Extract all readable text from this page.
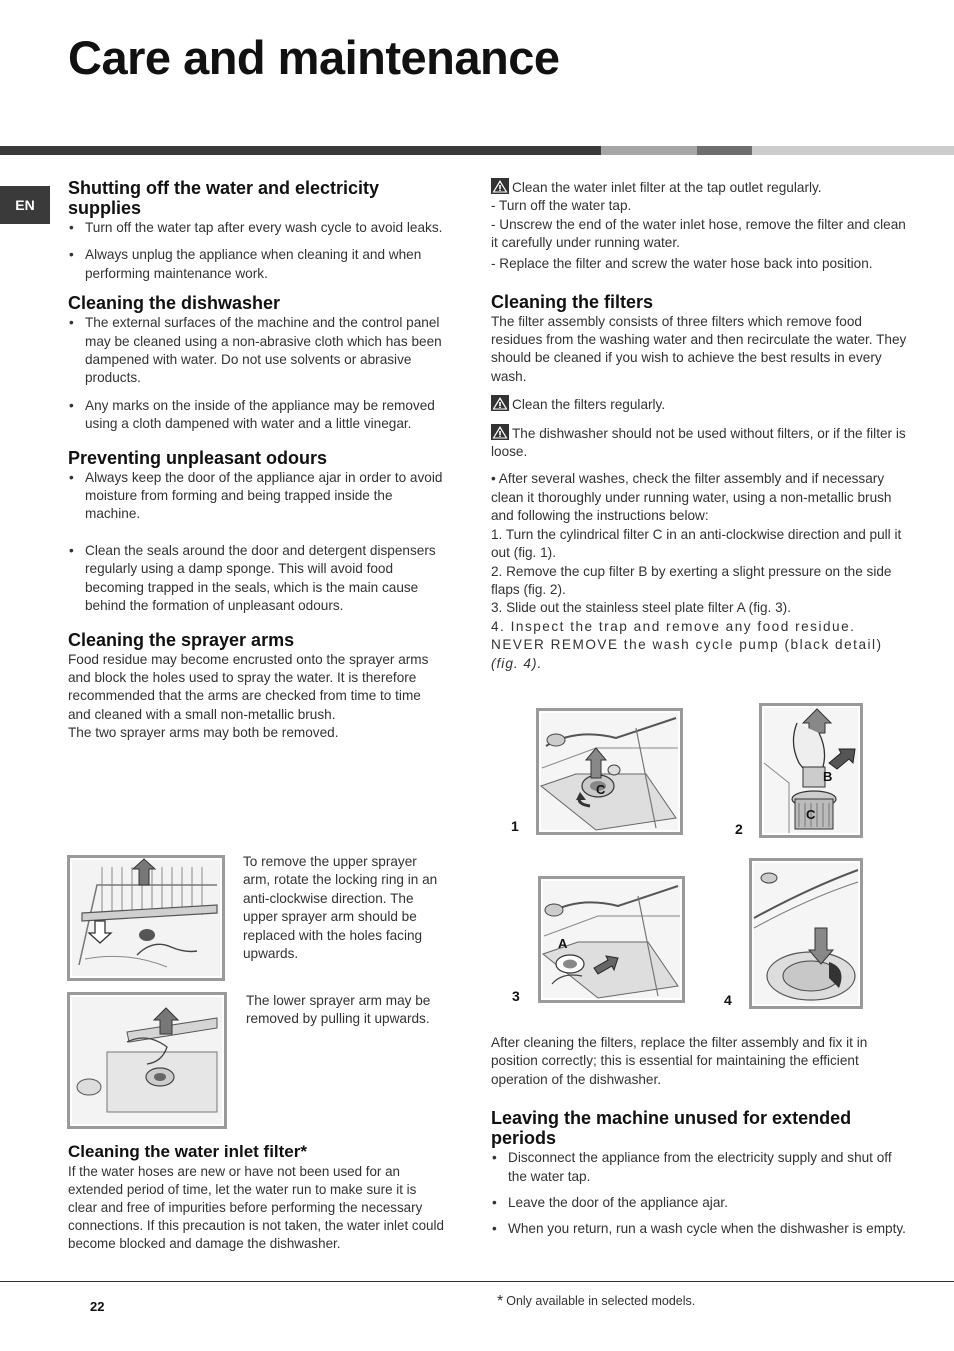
Care and maintenance
EN
Shutting off the water and electricity supplies
• Turn off the water tap after every wash cycle to avoid leaks.
• Always unplug the appliance when cleaning it and when performing maintenance work.
Cleaning the dishwasher
• The external surfaces of the machine and the control panel may be cleaned using a non-abrasive cloth which has been dampened with water. Do not use solvents or abrasive products.
• Any marks on the inside of the appliance may be removed using a cloth dampened with water and a little vinegar.
Preventing unpleasant odours
• Always keep the door of the appliance ajar in order to avoid moisture from forming and being trapped inside the machine.
• Clean the seals around the door and detergent dispensers regularly using a damp sponge. This will avoid food becoming trapped in the seals, which is the main cause behind the formation of unpleasant odours.
Cleaning the sprayer arms

Food residue may become encrusted onto the sprayer arms and block the holes used to spray the water. It is therefore recommended that the arms are checked from time to time and cleaned with a small non-metallic brush.

The two sprayer arms may both be removed.

To remove the upper sprayer arm, rotate the locking ring in an anti-clockwise direction. The upper sprayer arm should be replaced with the holes facing upwards.
The lower sprayer arm may be removed by pulling it upwards.
Cleaning the water inlet filter*

If the water hoses are new or have not been used for an extended period of time, let the water run to make sure it is clear and free of impurities before performing the necessary connections. If this precaution is not taken, the water inlet could become blocked and damage the dishwasher.

Clean the water inlet filter at the tap outlet regularly.

- Turn off the water tap.

- Unscrew the end of the water inlet hose, remove the filter and clean it carefully under running water.

- Replace the filter and screw the water hose back into position.

Cleaning the filters

The filter assembly consists of three filters which remove food residues from the washing water and then recirculate the water. They should be cleaned if you wish to achieve the best results in every wash.

Clean the filters regularly.

The dishwasher should not be used without filters, or if the filter is loose.

• After several washes, check the filter assembly and if necessary clean it thoroughly under running water, using a non-metallic brush and following the instructions below:

1. Turn the cylindrical filter C in an anti-clockwise direction and pull it out (fig. 1).

2. Remove the cup filter B by exerting a slight pressure on the side flaps (fig. 2).

3. Slide out the stainless steel plate filter A (fig. 3).

4. Inspect the trap and remove any food residue.

NEVER REMOVE the wash cycle pump (black detail)

(fig. 4).

C
1
B
C
2
A
3	4

After cleaning the filters, replace the filter assembly and fix it in position correctly; this is essential for maintaining the efficient operation of the dishwasher.

Leaving the machine unused for extended periods
• Disconnect the appliance from the electricity supply and shut off the water tap.
• Leave the door of the appliance ajar.
• When you return, run a wash cycle when the dishwasher is empty.
22	* Only available in selected models.
